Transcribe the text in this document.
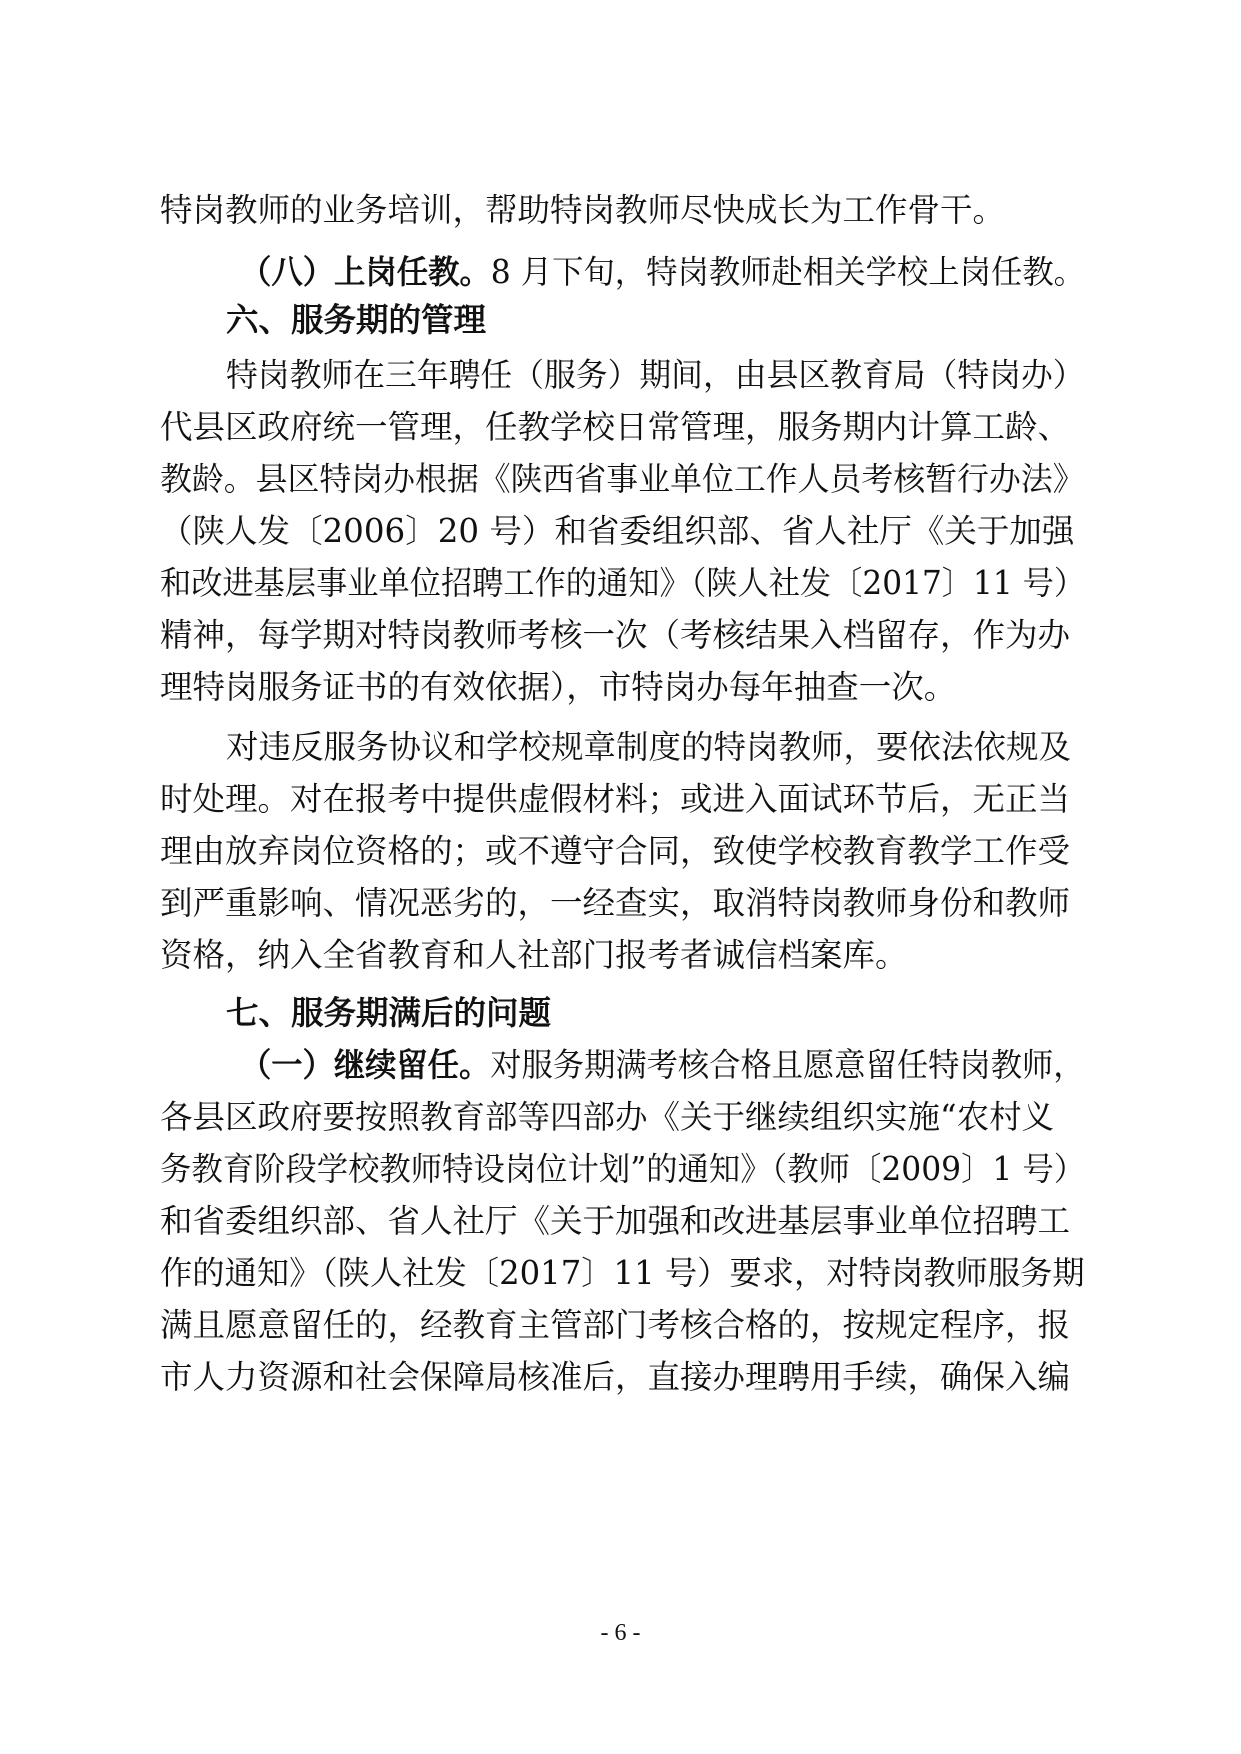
特岗教师的业务培训，帮助特岗教师尽快成长为工作骨干。
（八）上岗任教。8 月下旬，特岗教师赴相关学校上岗任教。
六、服务期的管理
特岗教师在三年聘任（服务）期间，由县区教育局（特岗办）
代县区政府统一管理，任教学校日常管理，服务期内计算工龄、
教龄。县区特岗办根据《陕西省事业单位工作人员考核暂行办法》
（陕人发〔2006〕20 号）和省委组织部、省人社厅《关于加强
和改进基层事业单位招聘工作的通知》（陕人社发〔2017〕11 号）
精神，每学期对特岗教师考核一次（考核结果入档留存，作为办
理特岗服务证书的有效依据），市特岗办每年抽查一次。
对违反服务协议和学校规章制度的特岗教师，要依法依规及
时处理。对在报考中提供虚假材料；或进入面试环节后，无正当
理由放弃岗位资格的；或不遵守合同，致使学校教育教学工作受
到严重影响、情况恶劣的，一经查实，取消特岗教师身份和教师
资格，纳入全省教育和人社部门报考者诚信档案库。
七、服务期满后的问题
（一）继续留任。对服务期满考核合格且愿意留任特岗教师，
各县区政府要按照教育部等四部办《关于继续组织实施“农村义
务教育阶段学校教师特设岗位计划”的通知》（教师〔2009〕1 号）
和省委组织部、省人社厅《关于加强和改进基层事业单位招聘工
作的通知》（陕人社发〔2017〕11 号）要求，对特岗教师服务期
满且愿意留任的，经教育主管部门考核合格的，按规定程序，报
市人力资源和社会保障局核准后，直接办理聘用手续，确保入编
- 6 -
